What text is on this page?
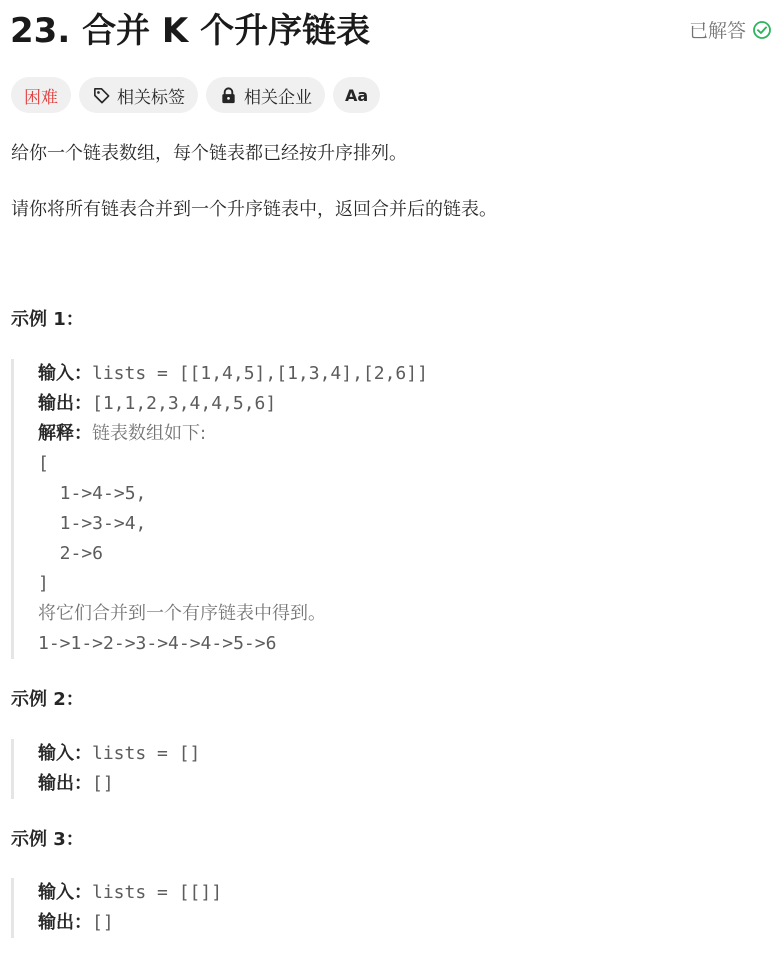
23. 合并 K 个升序链表	已解答
困难	相关标签	相关企业 Aa

给你一个链表数组，每个链表都已经按升序排列。

请你将所有链表合并到一个升序链表中，返回合并后的链表。

示例 1：

输入：lists = [[1,4,5],[1,3,4],[2,6]]
输出：[1,1,2,3,4,4,5,6]
解释：链表数组如下:
[
1->4->5,
1->3->4,
2->6
]
将它们合并到一个有序链表中得到。
1->1->2->3->4->4->5->6

示例 2：

输入：lists = []
输出：[]

示例 3：

输入：lists = [[]]
输出：[]
